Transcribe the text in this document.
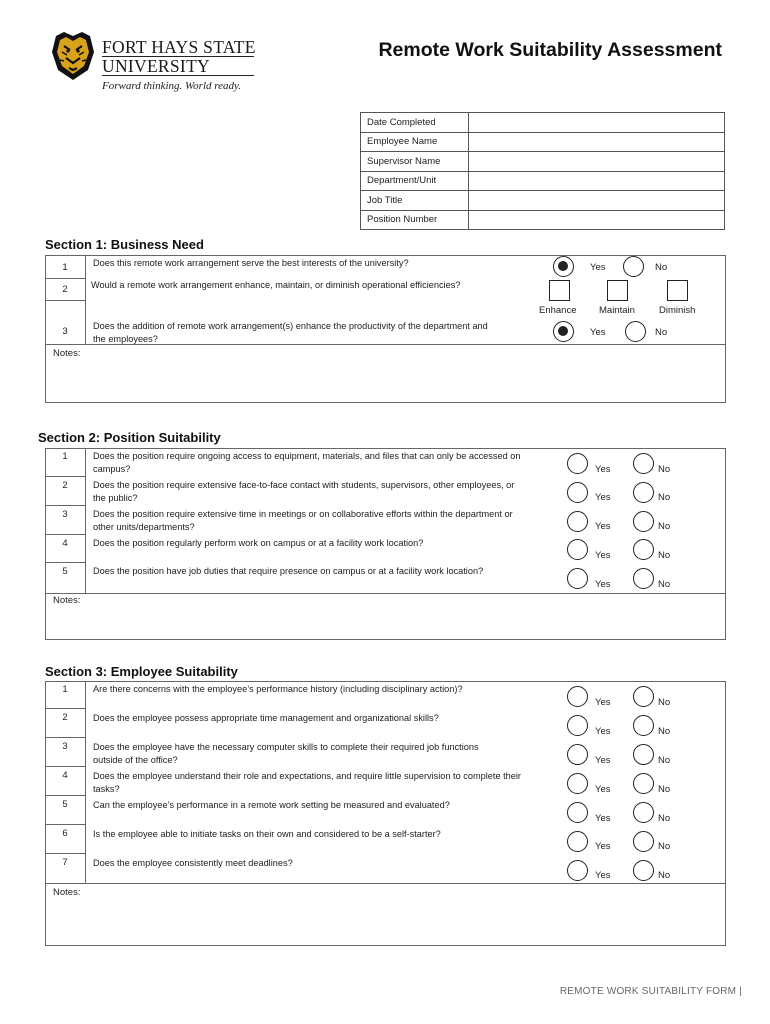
FORT HAYS STATE
UNIVERSITY
Forward thinking. World ready.
Remote Work Suitability Assessment
Date Completed	
Employee Name	
Supervisor Name	
Department/Unit	
Job Title	
Position Number	
Section 1: Business Need
1	Does this remote work arrangement serve the best interests of the university?	Yes	No
2	Would a remote work arrangement enhance, maintain, or diminish operational efficiencies?
Enhance Maintain	Diminish
3	Does the addition of remote work arrangement(s) enhance the productivity of the department and the employees?
Yes	No
Notes:
Section 2: Position Suitability
1	Does the position require ongoing access to equipment, materials, and files that can only be accessed on campus?	Yes	No
2	Does the position require extensive face-to-face contact with students, supervisors, other employees, or the public?	Yes	No
3	Does the position require extensive time in meetings or on collaborative efforts within the department or other units/departments?	Yes	No
4	Does the position regularly perform work on campus or at a facility work location?
Yes	No
5	Does the position have job duties that require presence on campus or at a facility work location?
Yes	No
Notes:
Section 3: Employee Suitability
1	Are there concerns with the employee’s performance history (including disciplinary action)?
Yes	No
2	Does the employee possess appropriate time management and organizational skills?
Yes	No
3	Does the employee have the necessary computer skills to complete their required job functions outside of the office?	Yes	No
4	Does the employee understand their role and expectations, and require little supervision to complete their tasks?	Yes	No
5	Can the employee’s performance in a remote work setting be measured and evaluated?
Yes	No
6	Is the employee able to initiate tasks on their own and considered to be a self-starter?
Yes	No
7	Does the employee consistently meet deadlines?
Yes	No
Notes:
REMOTE WORK SUITABILITY FORM |
